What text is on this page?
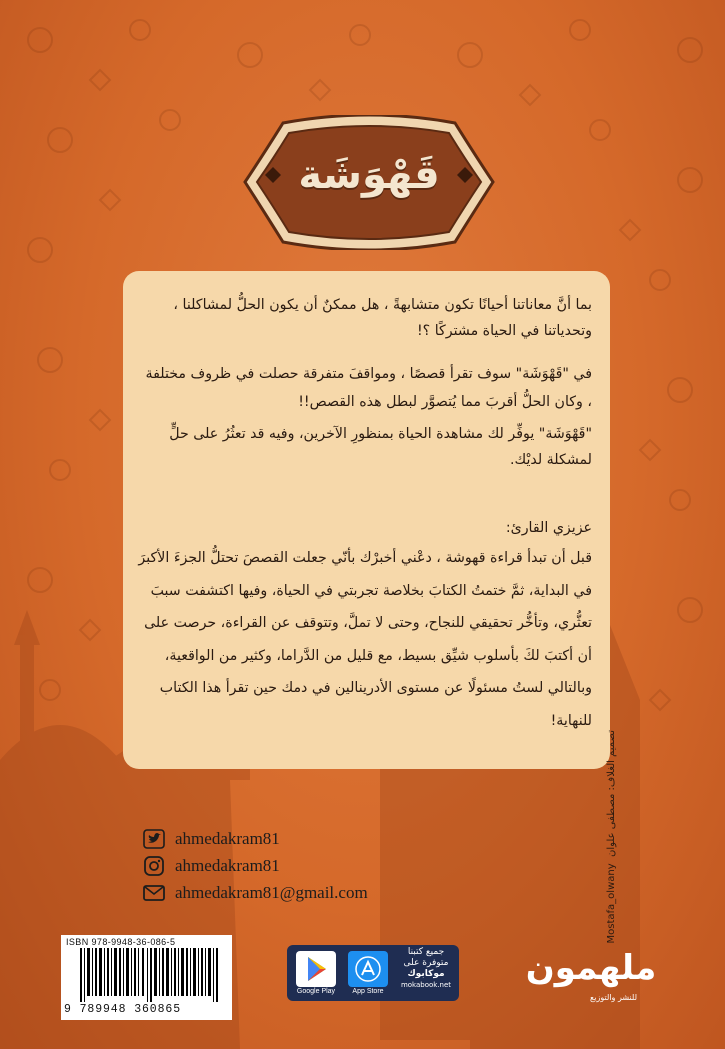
قَهْوَشَة

بما أنَّ معاناتنا أحيانًا تكون متشابهةً ، هل ممكنٌ أن يكون الحلُّ لمشاكلنا ، وتحدياتنا في الحياة مشتركًا ؟!

في "قَهْوَشَة" سوف تقرأ قصصًا ، ومواقفَ متفرقة حصلت في ظروف مختلفة ، وكان الحلُّ أقربَ مما يُتصوَّر لبطل هذه القصص!!

"قَهْوَشَة" يوفِّر لك مشاهدة الحياة بمنظورِ الآخرين، وفيه قد تعثُرُ على حلٍّ لمشكلة لديْك.

عزيزي القارئ:

قبل أن تبدأ قراءة قهوشة ، دعْني أخبرْك بأنّي جعلت القصصَ تحتلُّ الجزءَ الأكبرَ في البداية، ثمَّ ختمتُ الكتابَ بخلاصة تجربتي في الحياة، وفيها اكتشفت سببَ تعثُّري، وتأخُّر تحقيقي للنجاح، وحتى لا تملَّ، وتتوقف عن القراءة، حرصت على أن أكتبَ لكَ بأسلوب شيِّق بسيط، مع قليل من الدَّراما، وكثير من الواقعية، وبالتالي لستُ مسئولًا عن مستوى الأدرينالين في دمك حين تقرأ هذا الكتاب للنهاية!

ahmedakram81
ahmedakram81
ahmedakram81@gmail.com
تصميم الغلاف: مصطفى علوان  Mostafa_olwany
ISBN 978-9948-36-086-5
9 789948 360865
Google Play	App Store
جميع كتبنا
متوفرة على
موكابوك
mokabook.net	ملهمون
للنشر والتوزيع
